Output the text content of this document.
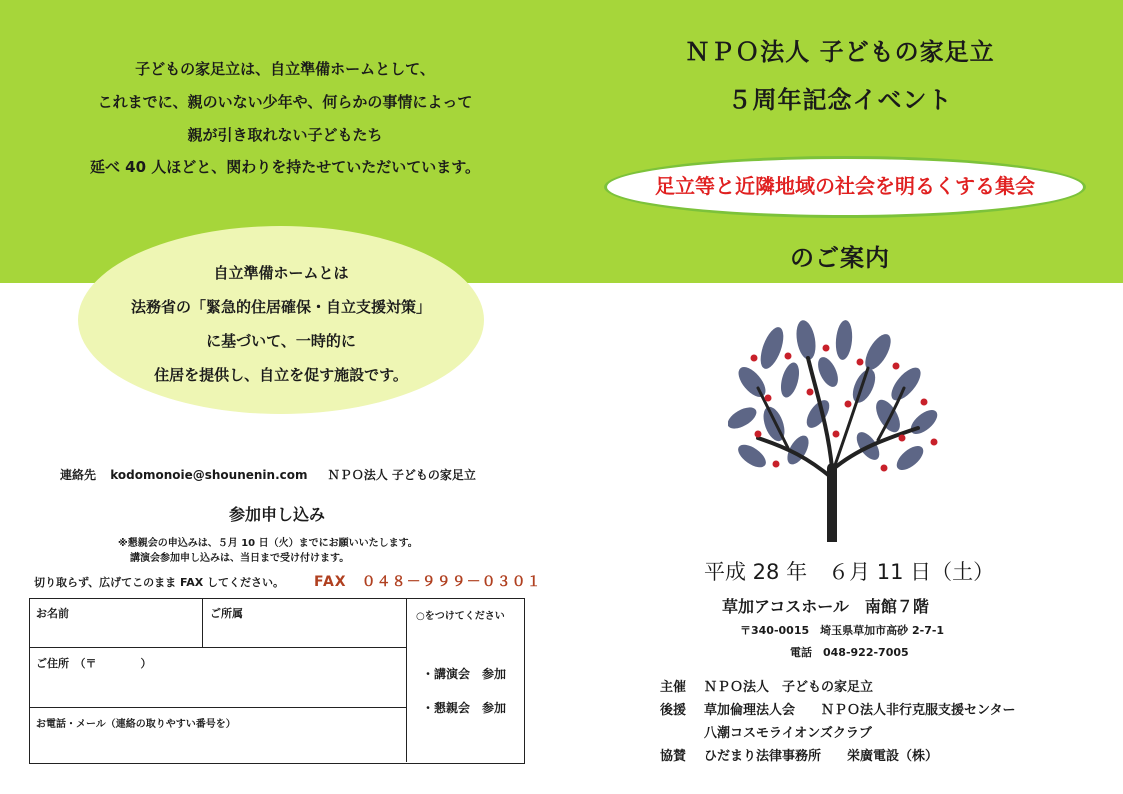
子どもの家足立は、自立準備ホームとして、
これまでに、親のいない少年や、何らかの事情によって
親が引き取れない子どもたち
延べ 40 人ほどと、関わりを持たせていただいています。
自立準備ホームとは
法務省の「緊急的住居確保・自立支援対策」
に基づいて、一時的に
住居を提供し、自立を促す施設です。
ＮＰＯ法人 子どもの家足立
５周年記念イベント
足立等と近隣地域の社会を明るくする集会
のご案内
連絡先 kodomonoie@shounenin.com ＮＰＯ法人 子どもの家足立
参加申し込み
※懇親会の申込みは、５月 10 日（火）までにお願いいたします。
講演会参加申し込みは、当日まで受け付けます。
切り取らず、広げてこのまま FAX してください。 FAX　０４８－９９９－０３０１
お名前	ご所属
ご住所　（〒　　　　）
お電話・メール（連絡の取りやすい番号を）
○をつけてください
・講演会　参加
・懇親会　参加
平成 28 年　６月 11 日（土）
草加アコスホール　南館７階
〒340-0015　埼玉県草加市高砂 2-7-1
電話　048-922-7005
主催 ＮＰＯ法人　子どもの家足立
後援 草加倫理法人会　　ＮＰＯ法人非行克服支援センター
八潮コスモライオンズクラブ
協賛 ひだまり法律事務所　　栄廣電設（株）
